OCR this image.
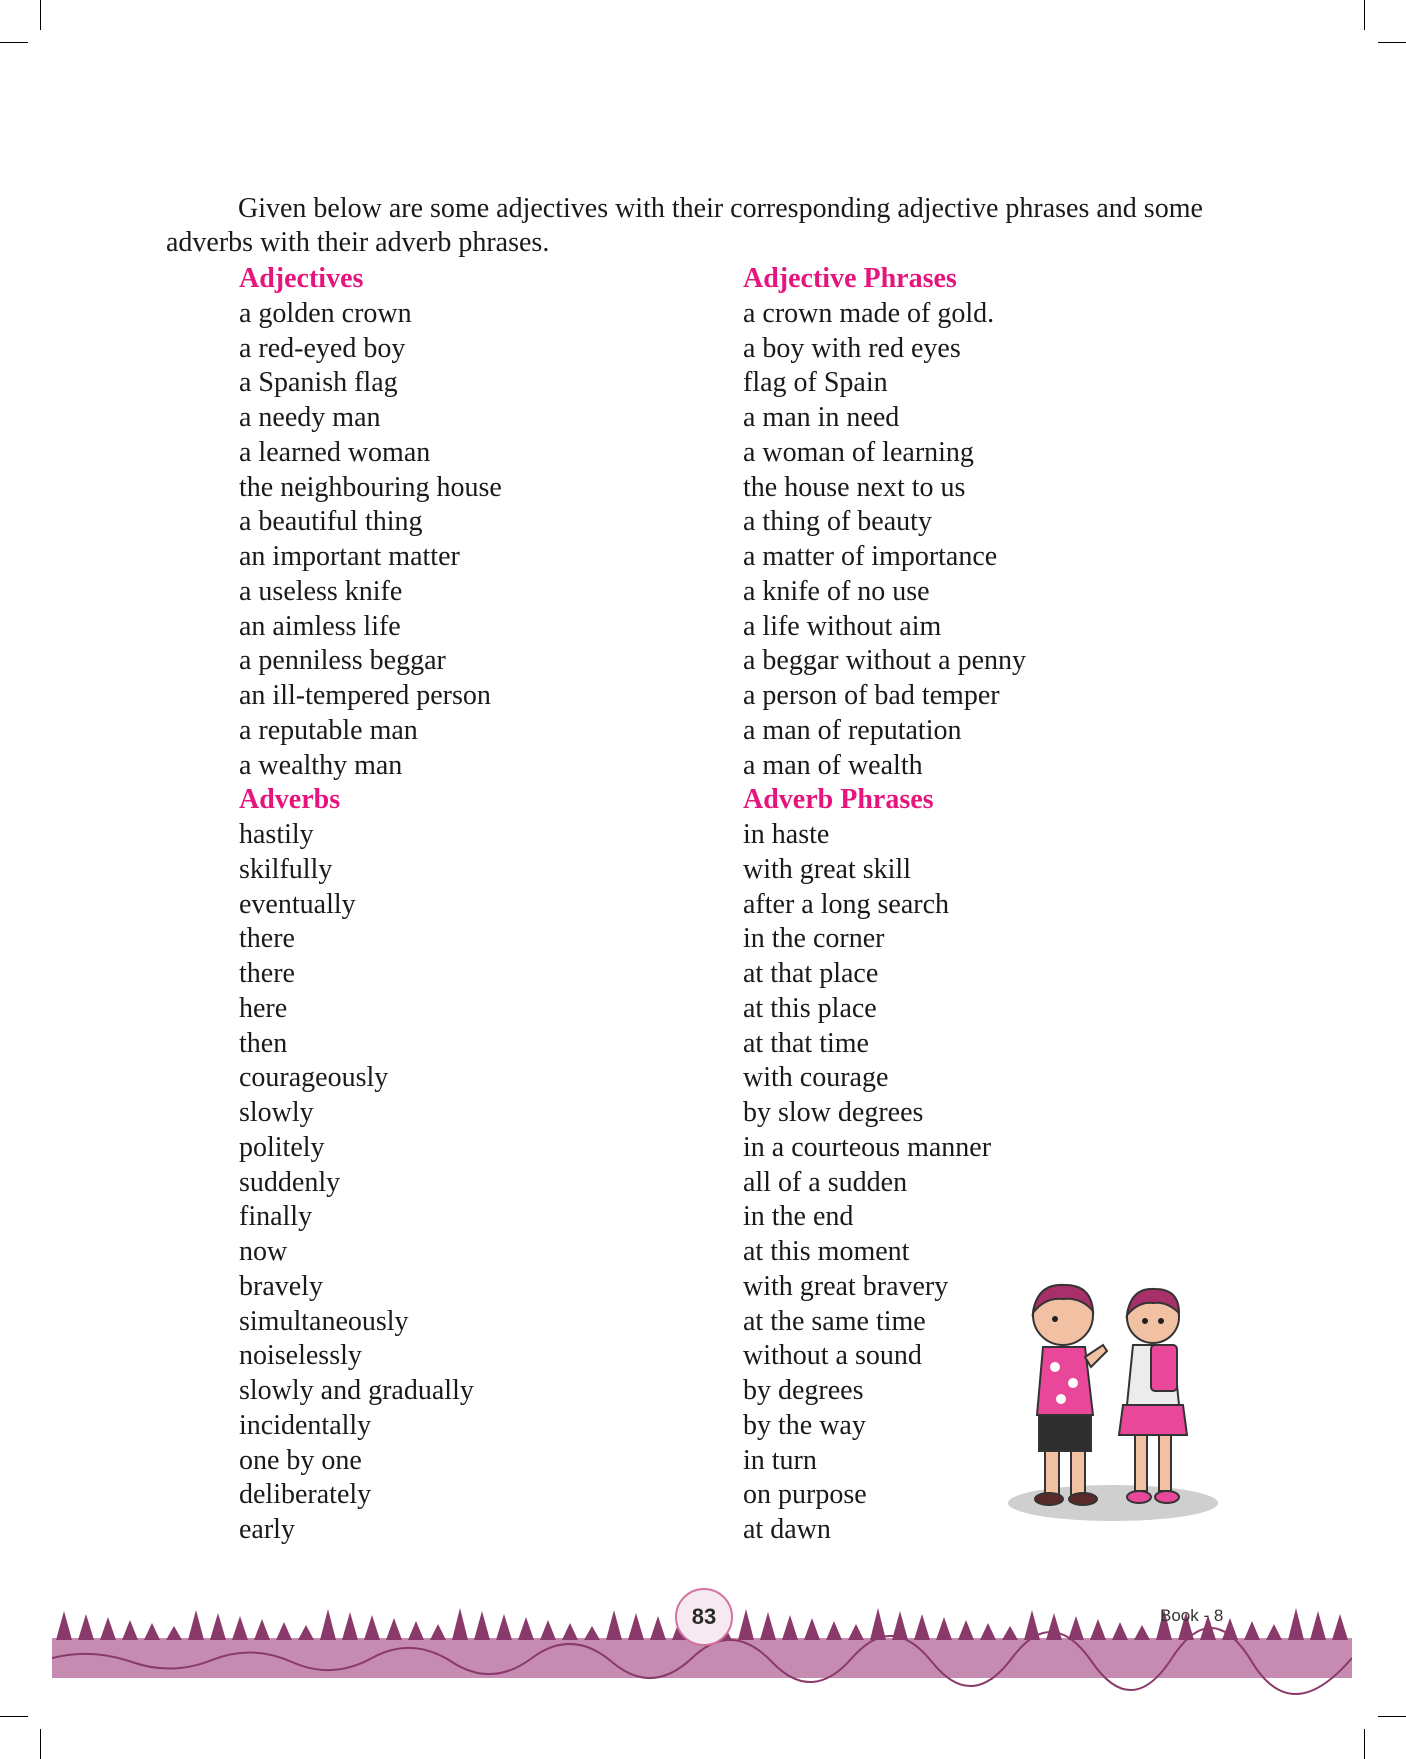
Given below are some adjectives with their corresponding adjective phrases and some adverbs with their adverb phrases.

Adjectives
a golden crown
a red-eyed boy
a Spanish flag
a needy man
a learned woman
the neighbouring house
a beautiful thing
an important matter
a useless knife
an aimless life
a penniless beggar
an ill-tempered person
a reputable man
a wealthy man
Adverbs
hastily
skilfully
eventually
there
there
here
then
courageously
slowly
politely
suddenly
finally
now
bravely
simultaneously
noiselessly
slowly and gradually
incidentally
one by one
deliberately
early
Adjective Phrases
a crown made of gold.
a boy with red eyes
flag of Spain
a man in need
a woman of learning
the house next to us
a thing of beauty
a matter of importance
a knife of no use
a life without aim
a beggar without a penny
a person of bad temper
a man of reputation
a man of wealth
Adverb Phrases
in haste
with great skill
after a long search
in the corner
at that place
at this place
at that time
with courage
by slow degrees
in a courteous manner
all of a sudden
in the end
at this moment
with great bravery
at the same time
without a sound
by degrees
by the way
in turn
on purpose
at dawn
83	Book - 8
